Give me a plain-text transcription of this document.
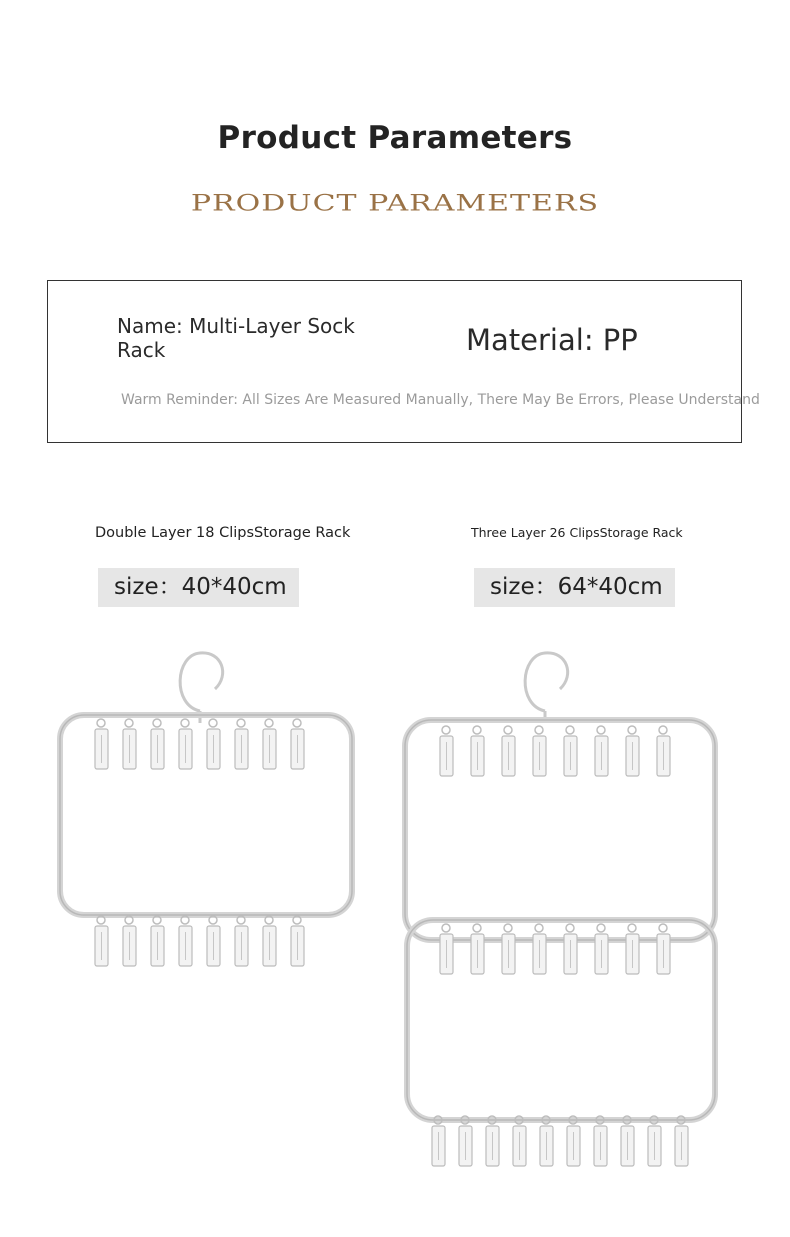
Product Parameters
PRODUCT PARAMETERS
Name: Multi-Layer Sock Rack	Material: PP
Warm Reminder: All Sizes Are Measured Manually, There May Be Errors, Please Understand
Double Layer 18 ClipsStorage Rack	Three Layer 26 ClipsStorage Rack
size：40*40cm	size：64*40cm
